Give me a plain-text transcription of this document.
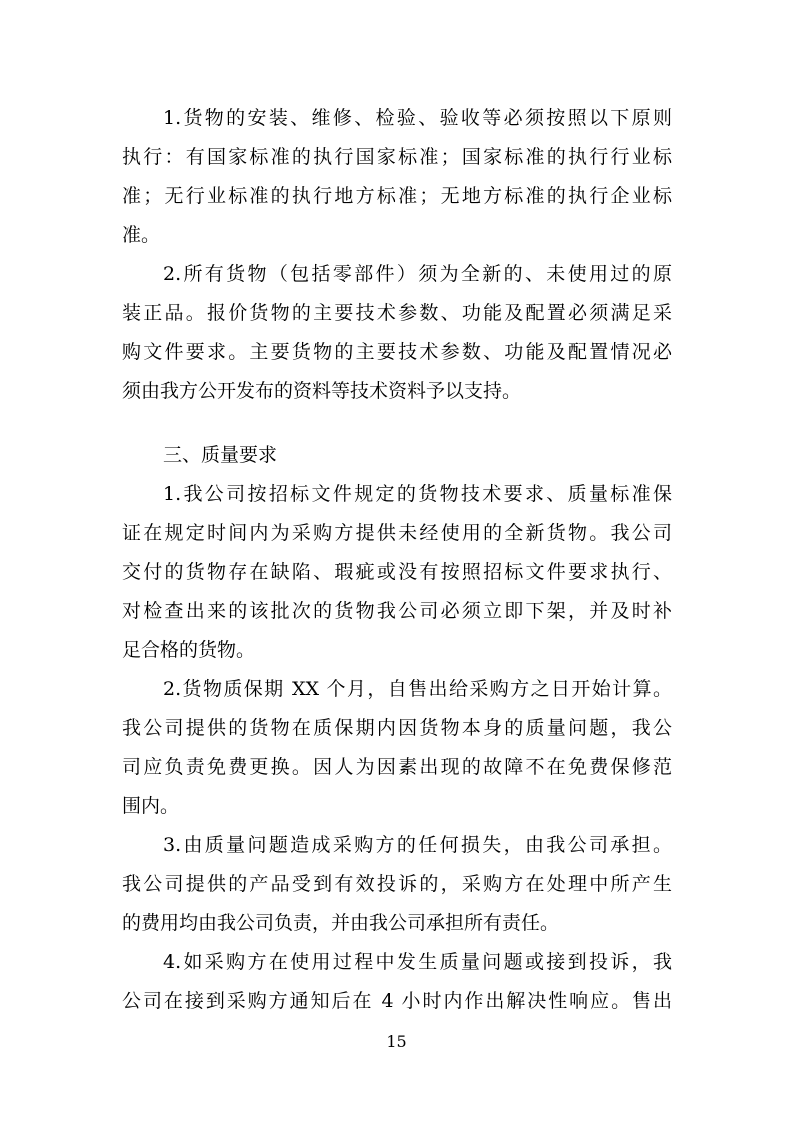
1.货物的安装、维修、检验、验收等必须按照以下原则
执行：有国家标准的执行国家标准；国家标准的执行行业标
准；无行业标准的执行地方标准；无地方标准的执行企业标
准。
2.所有货物（包括零部件）须为全新的、未使用过的原
装正品。报价货物的主要技术参数、功能及配置必须满足采
购文件要求。主要货物的主要技术参数、功能及配置情况必
须由我方公开发布的资料等技术资料予以支持。
三、质量要求
1.我公司按招标文件规定的货物技术要求、质量标准保
证在规定时间内为采购方提供未经使用的全新货物。我公司
交付的货物存在缺陷、瑕疵或没有按照招标文件要求执行、
对检查出来的该批次的货物我公司必须立即下架，并及时补
足合格的货物。
2.货物质保期 XX 个月，自售出给采购方之日开始计算。
我公司提供的货物在质保期内因货物本身的质量问题，我公
司应负责免费更换。因人为因素出现的故障不在免费保修范
围内。
3.由质量问题造成采购方的任何损失，由我公司承担。
我公司提供的产品受到有效投诉的，采购方在处理中所产生
的费用均由我公司负责，并由我公司承担所有责任。
4.如采购方在使用过程中发生质量问题或接到投诉，我
公司在接到采购方通知后在 4 小时内作出解决性响应。售出
15
